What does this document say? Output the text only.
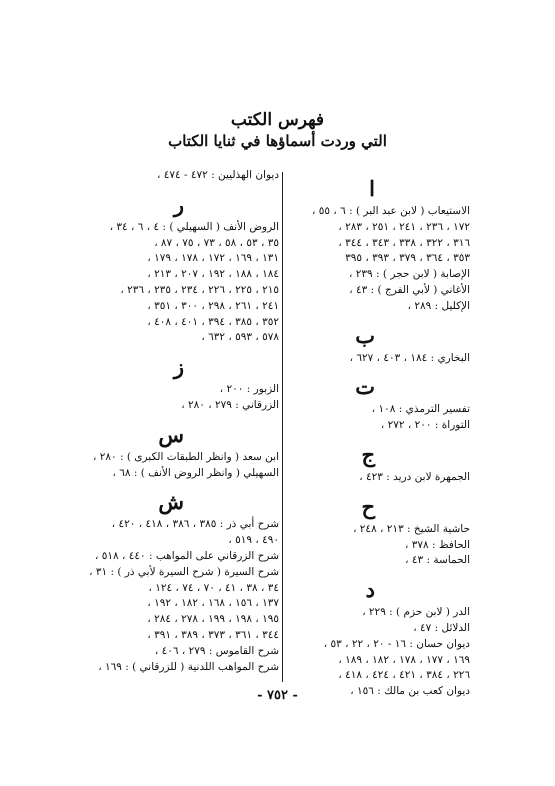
فهرس الكتب
التي وردت أسماؤها في ثنايا الكتاب
ا
الاستيعاب ( لابن عبد البر ) : ٦ ، ٥٥ ،
١٧٢ ، ٢٣٦ ، ٢٤١ ، ٢٥١ ، ٢٨٣ ،
٣١٦ ، ٣٢٢ ، ٣٣٨ ، ٣٤٣ ، ٣٤٤ ،
٣٥٣ ، ٣٦٤ ، ٣٧٩ ، ٣٩٣ ، ٣٩٥
الإصابة ( لابن حجر ) : ٢٣٩ ،
الأغاني ( لأبي الفرج ) : ٤٣ ،
الإكليل : ٢٨٩ ،
ب
البخاري : ١٨٤ ، ٤٠٣ ، ٦٢٧ ،
ت
تفسير الترمذي : ١٠٨ ،
التوراة : ٢٠٠ ، ٢٧٢ ،
ج
الجمهرة لابن دريد : ٤٢٣ ،
ح
حاشية الشيخ : ٢١٣ ، ٢٤٨ ،
الحافظ : ٣٧٨ ،
الحماسة : ٤٣ ،
د
الدر ( لابن حزم ) : ٢٢٩ ،
الدلائل : ٤٧ ،
ديوان حسان : ١٦ - ٢٠ ، ٢٢ ، ٥٣ ،
١٦٩ ، ١٧٧ ، ١٧٨ ، ١٨٢ ، ١٨٩ ،
٢٢٦ ، ٣٨٤ ، ٤٢١ ، ٤٢٤ ، ٤١٨ ،
ديوان كعب بن مالك : ١٥٦ ،
ديوان الهذليين : ٤٧٢ - ٤٧٤ ،
ر
الروض الأنف ( السهيلي ) : ٤ ، ٦ ، ٣٤ ،
٣٥ ، ٥٣ ، ٥٨ ، ٧٣ ، ٧٥ ، ٨٧ ،
١٣١ ، ١٦٩ ، ١٧٢ ، ١٧٨ ، ١٧٩ ،
١٨٤ ، ١٨٨ ، ١٩٢ ، ٢٠٧ ، ٢١٣ ،
٢١٥ ، ٢٢٥ ، ٢٢٦ ، ٢٣٤ ، ٢٣٥ ، ٢٣٦ ،
٢٤١ ، ٢٦١ ، ٢٩٨ ، ٣٠٠ ، ٣٥١ ،
٣٥٢ ، ٣٨٥ ، ٣٩٤ ، ٤٠١ ، ٤٠٨ ،
٥٧٨ ، ٥٩٣ ، ٦٣٢ ،
ز
الزبور : ٢٠٠ ،
الزرقاني : ٢٧٩ ، ٢٨٠ ،
س
ابن سعد ( وانظر الطبقات الكبرى ) : ٢٨٠ ،
السهيلي ( وانظر الروض الأنف ) : ٦٨ ،
ش
شرح أبي ذر : ٣٨٥ ، ٣٨٦ ، ٤١٨ ، ٤٢٠ ،
٤٩٠ ، ٥١٩ ،
شرح الزرقاني على المواهب : ٤٤٠ ، ٥١٨ ،
شرح السيرة ( شرح السيرة لأبي ذر ) : ٣١ ،
٣٤ ، ٣٨ ، ٤١ ، ٧٠ ، ٧٤ ، ١٢٤ ،
١٣٧ ، ١٥٦ ، ١٦٨ ، ١٨٢ ، ١٩٢ ،
١٩٥ ، ١٩٨ ، ١٩٩ ، ٢٧٨ ، ٢٨٤ ،
٣٤٤ ، ٣٦١ ، ٣٧٣ ، ٣٨٩ ، ٣٩١ ،
شرح القاموس : ٢٧٩ ، ٤٠٦ ،
شرح المواهب اللدنية ( للزرقاني ) : ١٦٩ ،
- ٧٥٢ -
